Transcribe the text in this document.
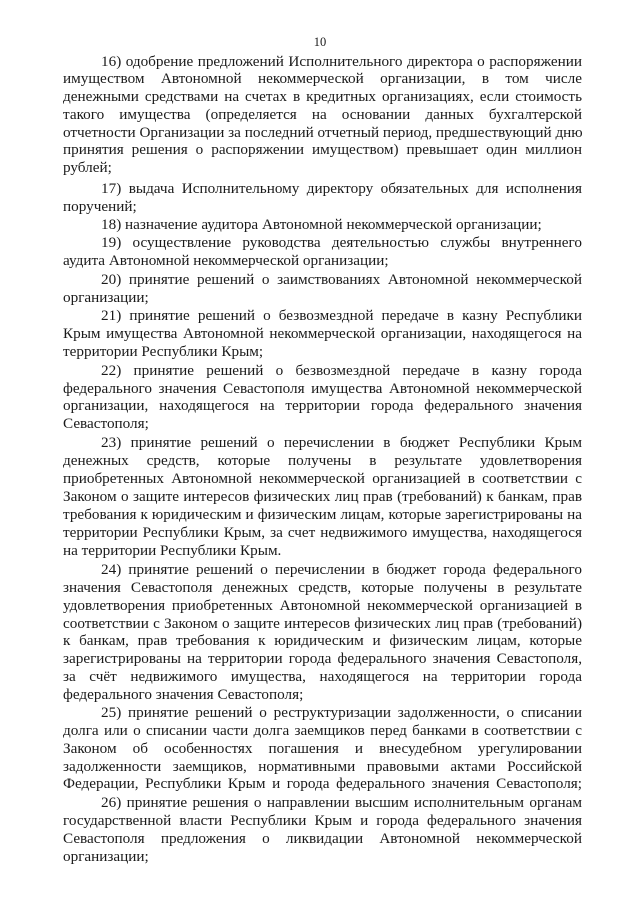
10
16) одобрение предложений Исполнительного директора о распоряжении
имуществом Автономной некоммерческой организации, в том числе
денежными средствами на счетах в кредитных организациях, если стоимость
такого имущества (определяется на основании данных бухгалтерской
отчетности Организации за последний отчетный период, предшествующий дню
принятия решения о распоряжении имуществом) превышает один миллион
рублей;
17) выдача Исполнительному директору обязательных для исполнения
поручений;
18) назначение аудитора Автономной некоммерческой организации;
19) осуществление руководства деятельностью службы внутреннего
аудита Автономной некоммерческой организации;
20) принятие решений о заимствованиях Автономной некоммерческой
организации;
21) принятие решений о безвозмездной передаче в казну Республики
Крым имущества Автономной некоммерческой организации, находящегося на
территории Республики Крым;
22) принятие решений о безвозмездной передаче в казну города
федерального значения Севастополя имущества Автономной некоммерческой
организации, находящегося на территории города федерального значения
Севастополя;
23) принятие решений о перечислении в бюджет Республики Крым
денежных средств, которые получены в результате удовлетворения
приобретенных Автономной некоммерческой организацией в соответствии с
Законом о защите интересов физических лиц прав (требований) к банкам, прав
требования к юридическим и физическим лицам, которые зарегистрированы на
территории Республики Крым, за счет недвижимого имущества, находящегося
на территории Республики Крым.
24) принятие решений о перечислении в бюджет города федерального
значения Севастополя денежных средств, которые получены в результате
удовлетворения приобретенных Автономной некоммерческой организацией в
соответствии с Законом о защите интересов физических лиц прав (требований)
к банкам, прав требования к юридическим и физическим лицам, которые
зарегистрированы на территории города федерального значения Севастополя,
за счёт недвижимого имущества, находящегося на территории города
федерального значения Севастополя;
25) принятие решений о реструктуризации задолженности, о списании
долга или о списании части долга заемщиков перед банками в соответствии с
Законом об особенностях погашения и внесудебном урегулировании
задолженности заемщиков, нормативными правовыми актами Российской
Федерации, Республики Крым и города федерального значения Севастополя;
26) принятие решения о направлении высшим исполнительным органам
государственной власти Республики Крым и города федерального значения
Севастополя предложения о ликвидации Автономной некоммерческой
организации;
